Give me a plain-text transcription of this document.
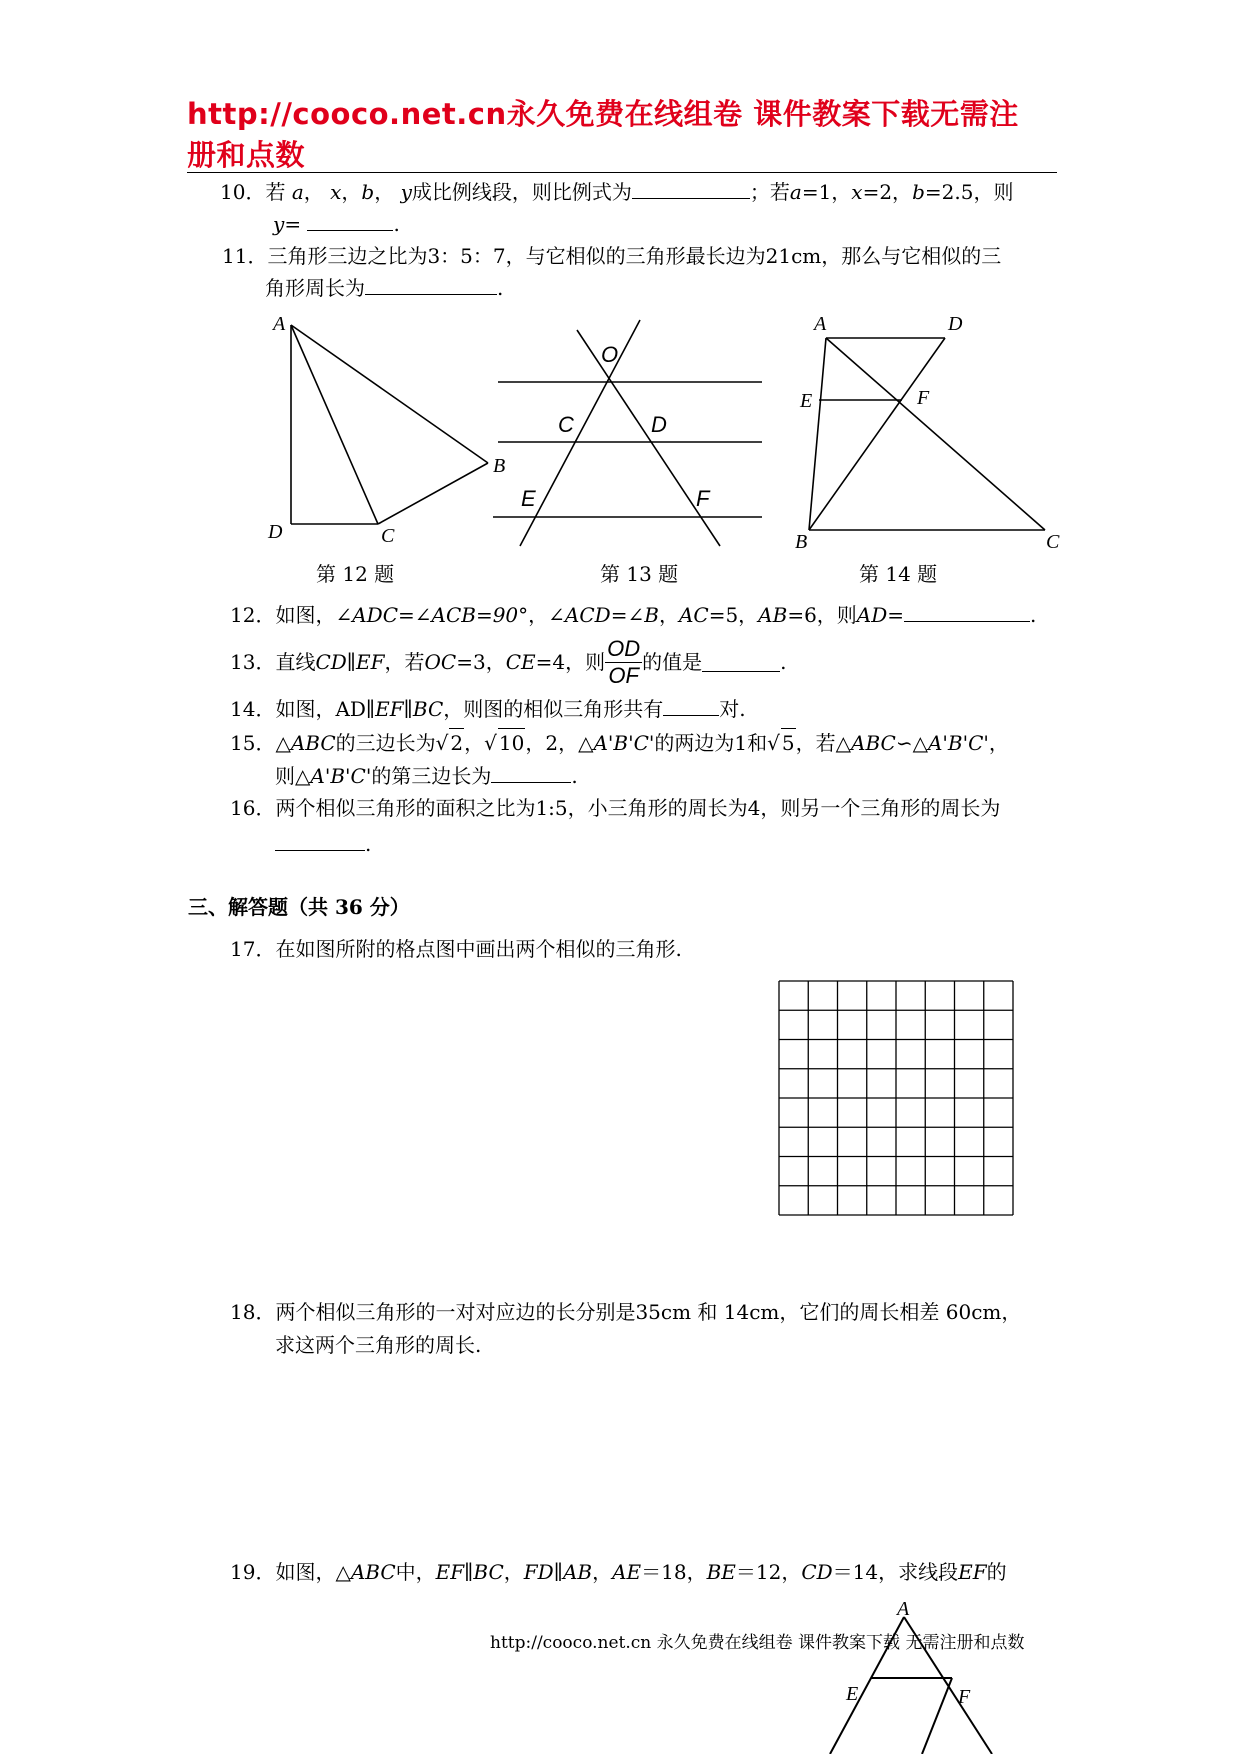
http://cooco.net.cn永久免费在线组卷 课件教案下载无需注
册和点数
10．若 a， x，b， y成比例线段，则比例式为	；若a=1，x=2，b=2.5，则
y=	.
11．三角形三边之比为3：5：7，与它相似的三角形最长边为21cm，那么与它相似的三
角形周长为	.
A
B
C
D
第 12 题
O
C	D
E	F
第 13 题
A	D
E	F
B	C
第 14 题
12．如图，∠ADC=∠ACB=90°，∠ACD=∠B，AC=5，AB=6，则AD=	.
13． 直线 CD ∥ EF ，若 OC =3， CE =4，则 $\frac{OD}{OF}$ 的值是	.
14．如图，AD∥EF∥BC，则图的相似三角形共有	对.
15．△ABC的三边长为√ 2，√ 10，2，△A'B'C'的两边为1和√ 5，若△ABC∽△A'B'C'，
则△A'B'C'的第三边长为	.
16．两个相似三角形的面积之比为1:5，小三角形的周长为4，则另一个三角形的周长为
.
三、解答题（共 36 分）
17．在如图所附的格点图中画出两个相似的三角形.
18．两个相似三角形的一对对应边的长分别是35cm 和 14cm，它们的周长相差 60cm，
求这两个三角形的周长.
19．如图，△ABC中，EF∥BC，FD∥AB，AE＝18，BE＝12，CD＝14，求线段EF的
A
E	F
http://cooco.net.cn 永久免费在线组卷 课件教案下载 无需注册和点数
